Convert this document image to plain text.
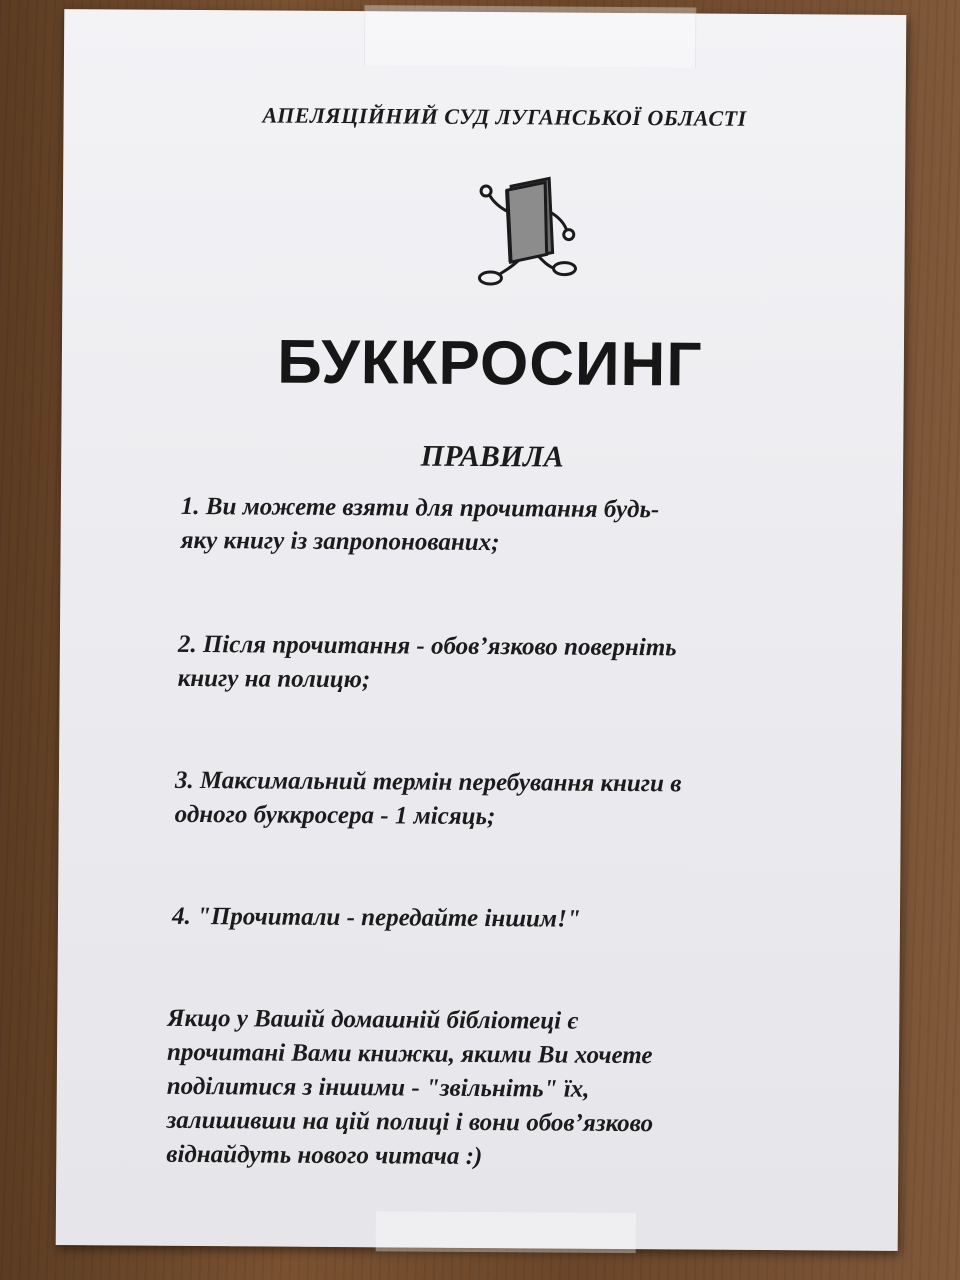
АПЕЛЯЦІЙНИЙ СУД ЛУГАНСЬКОЇ ОБЛАСТІ
БУККРОСИНГ
ПРАВИЛА
1. Ви можете взяти для прочитання будь-
яку книгу із запропонованих;
2. Після прочитання - обов’язково поверніть
книгу на полицю;
3. Максимальний термін перебування книги в
одного буккросера - 1 місяць;
4. "Прочитали - передайте іншим!"
Якщо у Вашій домашній бібліотеці є
прочитані Вами книжки, якими Ви хочете
поділитися з іншими - "звільніть" їх,
залишивши на цій полиці і вони обов’язково
віднайдуть нового читача :)
